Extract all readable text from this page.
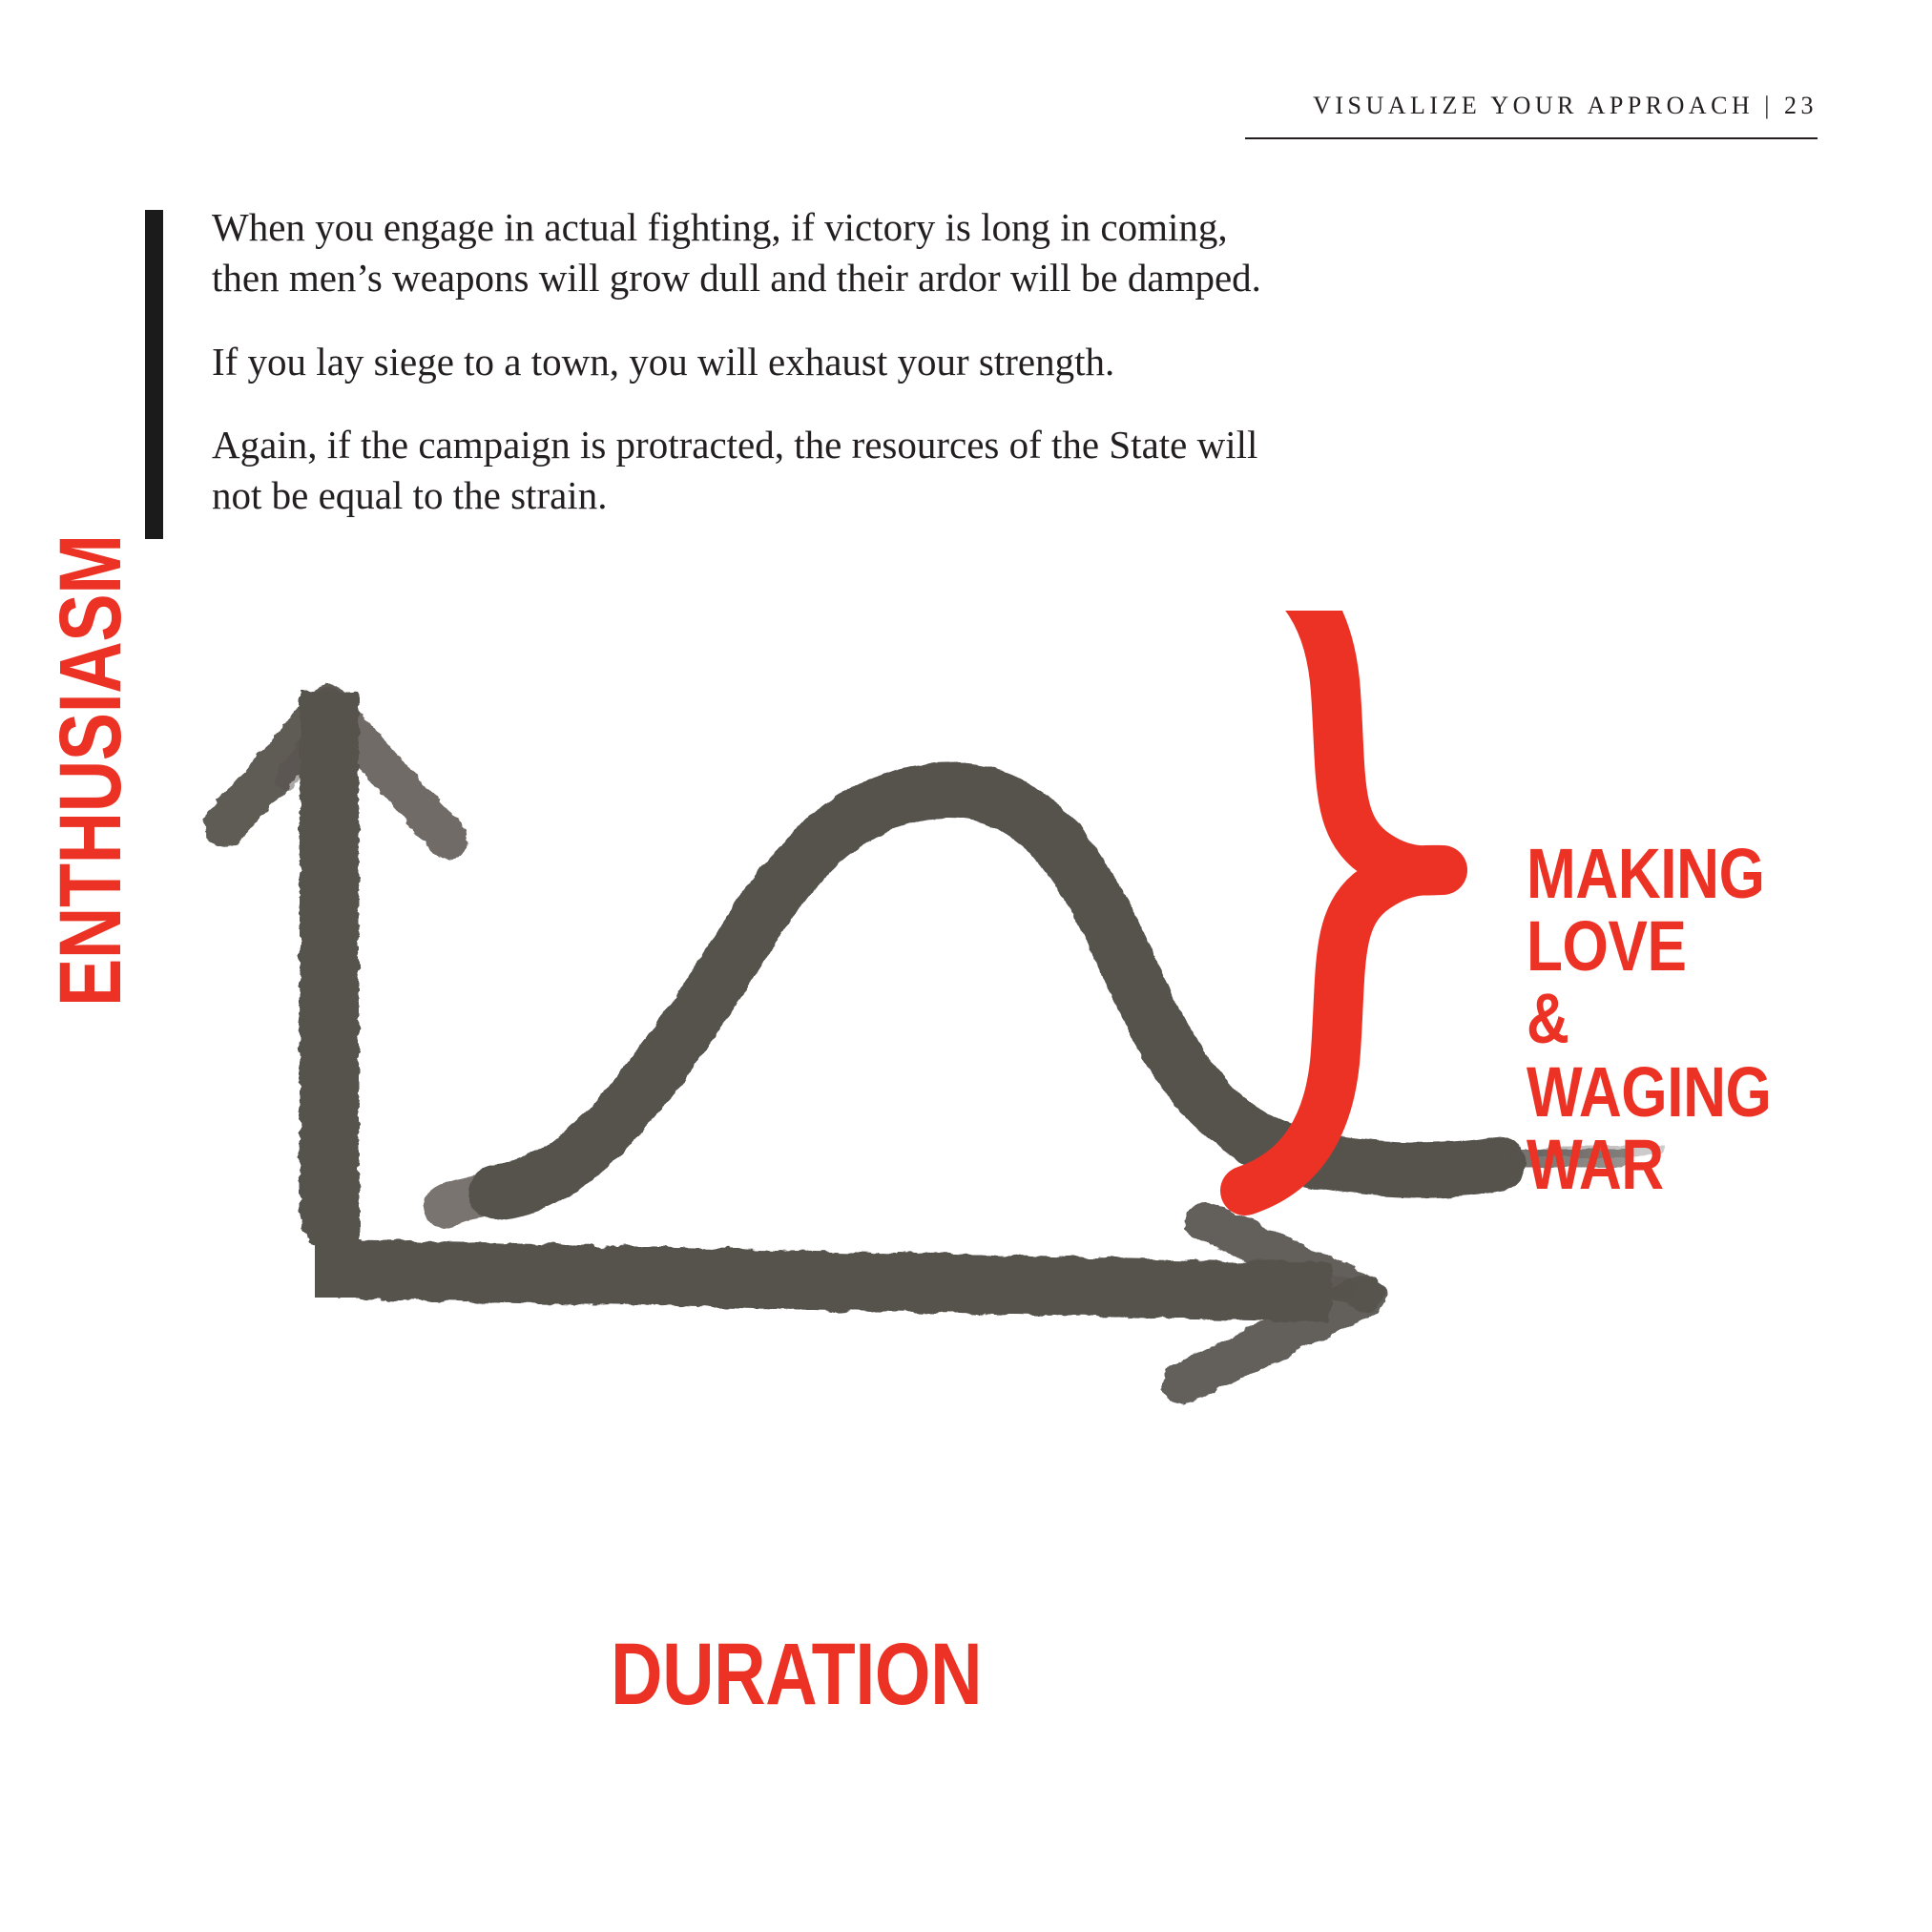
VISUALIZE YOUR APPROACH | 23

When you engage in actual fighting, if victory is long in coming, then men’s weapons will grow dull and their ardor will be damped.

If you lay siege to a town, you will exhaust your strength.

Again, if the campaign is protracted, the resources of the State will not be equal to the strain.

ENTHUSIASM
DURATION
MAKING
LOVE
&
WAGING
WAR
